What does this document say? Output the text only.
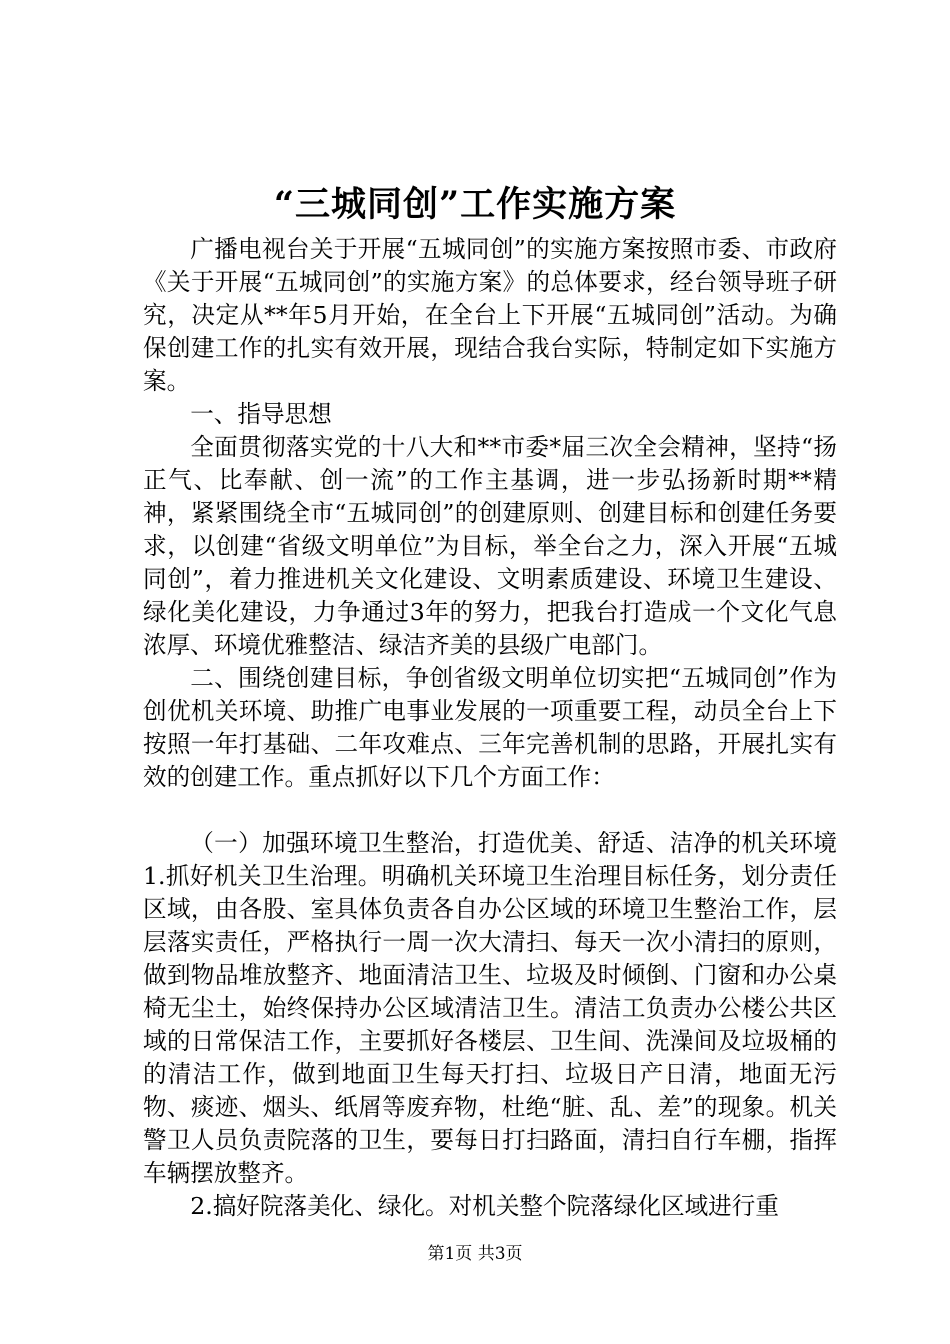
“三城同创”工作实施方案

广播电视台关于开展“五城同创”的实施方案按照市委、市政府《关于开展“五城同创”的实施方案》的总体要求，经台领导班子研究，决定从**年5月开始，在全台上下开展“五城同创”活动。为确保创建工作的扎实有效开展，现结合我台实际，特制定如下实施方案。

一、指导思想

全面贯彻落实党的十八大和**市委*届三次全会精神，坚持“扬正气、比奉献、创一流”的工作主基调，进一步弘扬新时期**精神，紧紧围绕全市“五城同创”的创建原则、创建目标和创建任务要求，以创建“省级文明单位”为目标，举全台之力，深入开展“五城同创”，着力推进机关文化建设、文明素质建设、环境卫生建设、绿化美化建设，力争通过3年的努力，把我台打造成一个文化气息浓厚、环境优雅整洁、绿洁齐美的县级广电部门。

二、围绕创建目标，争创省级文明单位切实把“五城同创”作为创优机关环境、助推广电事业发展的一项重要工程，动员全台上下按照一年打基础、二年攻难点、三年完善机制的思路，开展扎实有效的创建工作。重点抓好以下几个方面工作：

（一）加强环境卫生整治，打造优美、舒适、洁净的机关环境1.抓好机关卫生治理。明确机关环境卫生治理目标任务，划分责任区域，由各股、室具体负责各自办公区域的环境卫生整治工作，层层落实责任，严格执行一周一次大清扫、每天一次小清扫的原则，做到物品堆放整齐、地面清洁卫生、垃圾及时倾倒、门窗和办公桌椅无尘土，始终保持办公区域清洁卫生。清洁工负责办公楼公共区域的日常保洁工作，主要抓好各楼层、卫生间、洗澡间及垃圾桶的的清洁工作，做到地面卫生每天打扫、垃圾日产日清，地面无污物、痰迹、烟头、纸屑等废弃物，杜绝“脏、乱、差”的现象。机关警卫人员负责院落的卫生，要每日打扫路面，清扫自行车棚，指挥车辆摆放整齐。

2.搞好院落美化、绿化。对机关整个院落绿化区域进行重

第1页 共3页
